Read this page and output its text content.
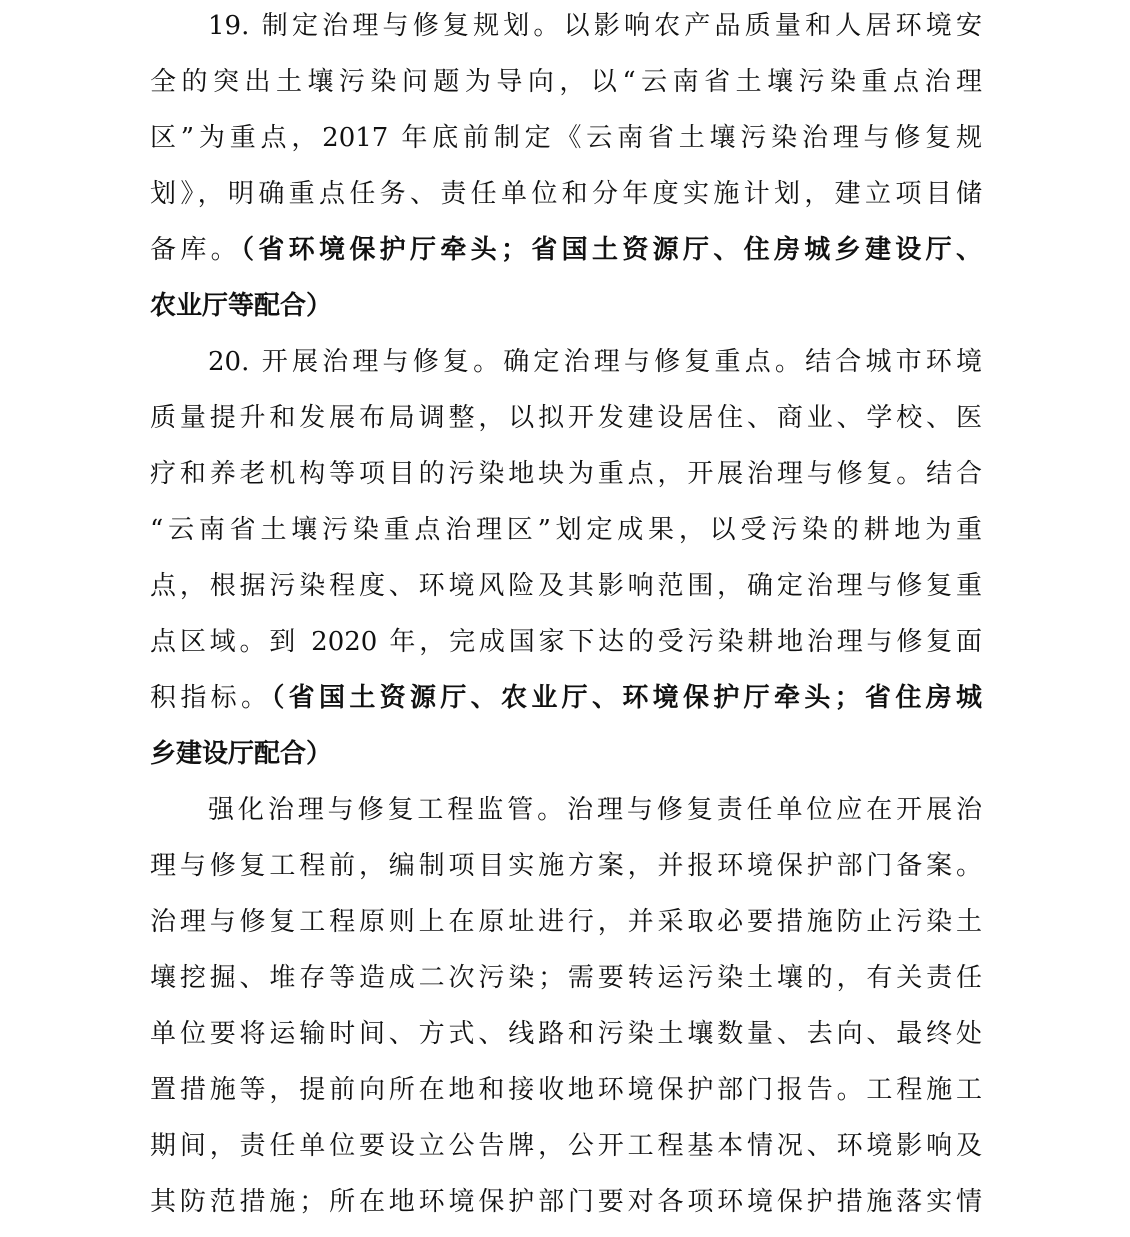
19. 制定治理与修复规划。以影响农产品质量和人居环境安
全的突出土壤污染问题为导向，以“云南省土壤污染重点治理
区”为重点，2017 年底前制定《云南省土壤污染治理与修复规
划》，明确重点任务、责任单位和分年度实施计划，建立项目储
备库。（省环境保护厅牵头；省国土资源厅、住房城乡建设厅、
农业厅等配合）
20. 开展治理与修复。确定治理与修复重点。结合城市环境
质量提升和发展布局调整，以拟开发建设居住、商业、学校、医
疗和养老机构等项目的污染地块为重点，开展治理与修复。结合
“云南省土壤污染重点治理区”划定成果，以受污染的耕地为重
点，根据污染程度、环境风险及其影响范围，确定治理与修复重
点区域。到 2020 年，完成国家下达的受污染耕地治理与修复面
积指标。（省国土资源厅、农业厅、环境保护厅牵头；省住房城
乡建设厅配合）
强化治理与修复工程监管。治理与修复责任单位应在开展治
理与修复工程前，编制项目实施方案，并报环境保护部门备案。
治理与修复工程原则上在原址进行，并采取必要措施防止污染土
壤挖掘、堆存等造成二次污染；需要转运污染土壤的，有关责任
单位要将运输时间、方式、线路和污染土壤数量、去向、最终处
置措施等，提前向所在地和接收地环境保护部门报告。工程施工
期间，责任单位要设立公告牌，公开工程基本情况、环境影响及
其防范措施；所在地环境保护部门要对各项环境保护措施落实情
